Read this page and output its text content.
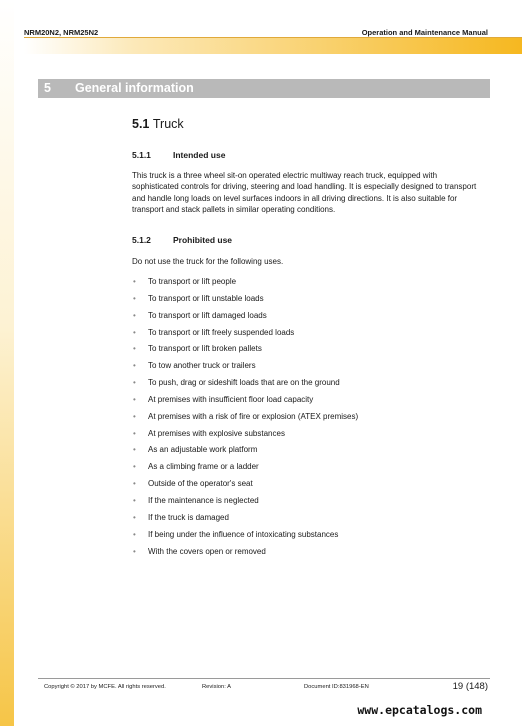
NRM20N2, NRM25N2	Operation and Maintenance Manual
5 General information
5.1 Truck
5.1.1	Intended use
This truck is a three wheel sit-on operated electric multiway reach truck, equipped with sophisticated controls for driving, steering and load handling. It is especially designed to transport and handle long loads on level surfaces indoors in all driving directions. It is also suitable for transport and stack pallets in similar operating conditions.
5.1.2	Prohibited use
Do not use the truck for the following uses.
• To transport or lift people
• To transport or lift unstable loads
• To transport or lift damaged loads
• To transport or lift freely suspended loads
• To transport or lift broken pallets
• To tow another truck or trailers
• To push, drag or sideshift loads that are on the ground
• At premises with insufficient floor load capacity
• At premises with a risk of fire or explosion (ATEX premises)
• At premises with explosive substances
• As an adjustable work platform
• As a climbing frame or a ladder
• Outside of the operator's seat
• If the maintenance is neglected
• If the truck is damaged
• If being under the influence of intoxicating substances
• With the covers open or removed
Copyright © 2017 by MCFE. All rights reserved.	Revision: A	Document ID:831968-EN	19 (148)
www.epcatalogs.com
